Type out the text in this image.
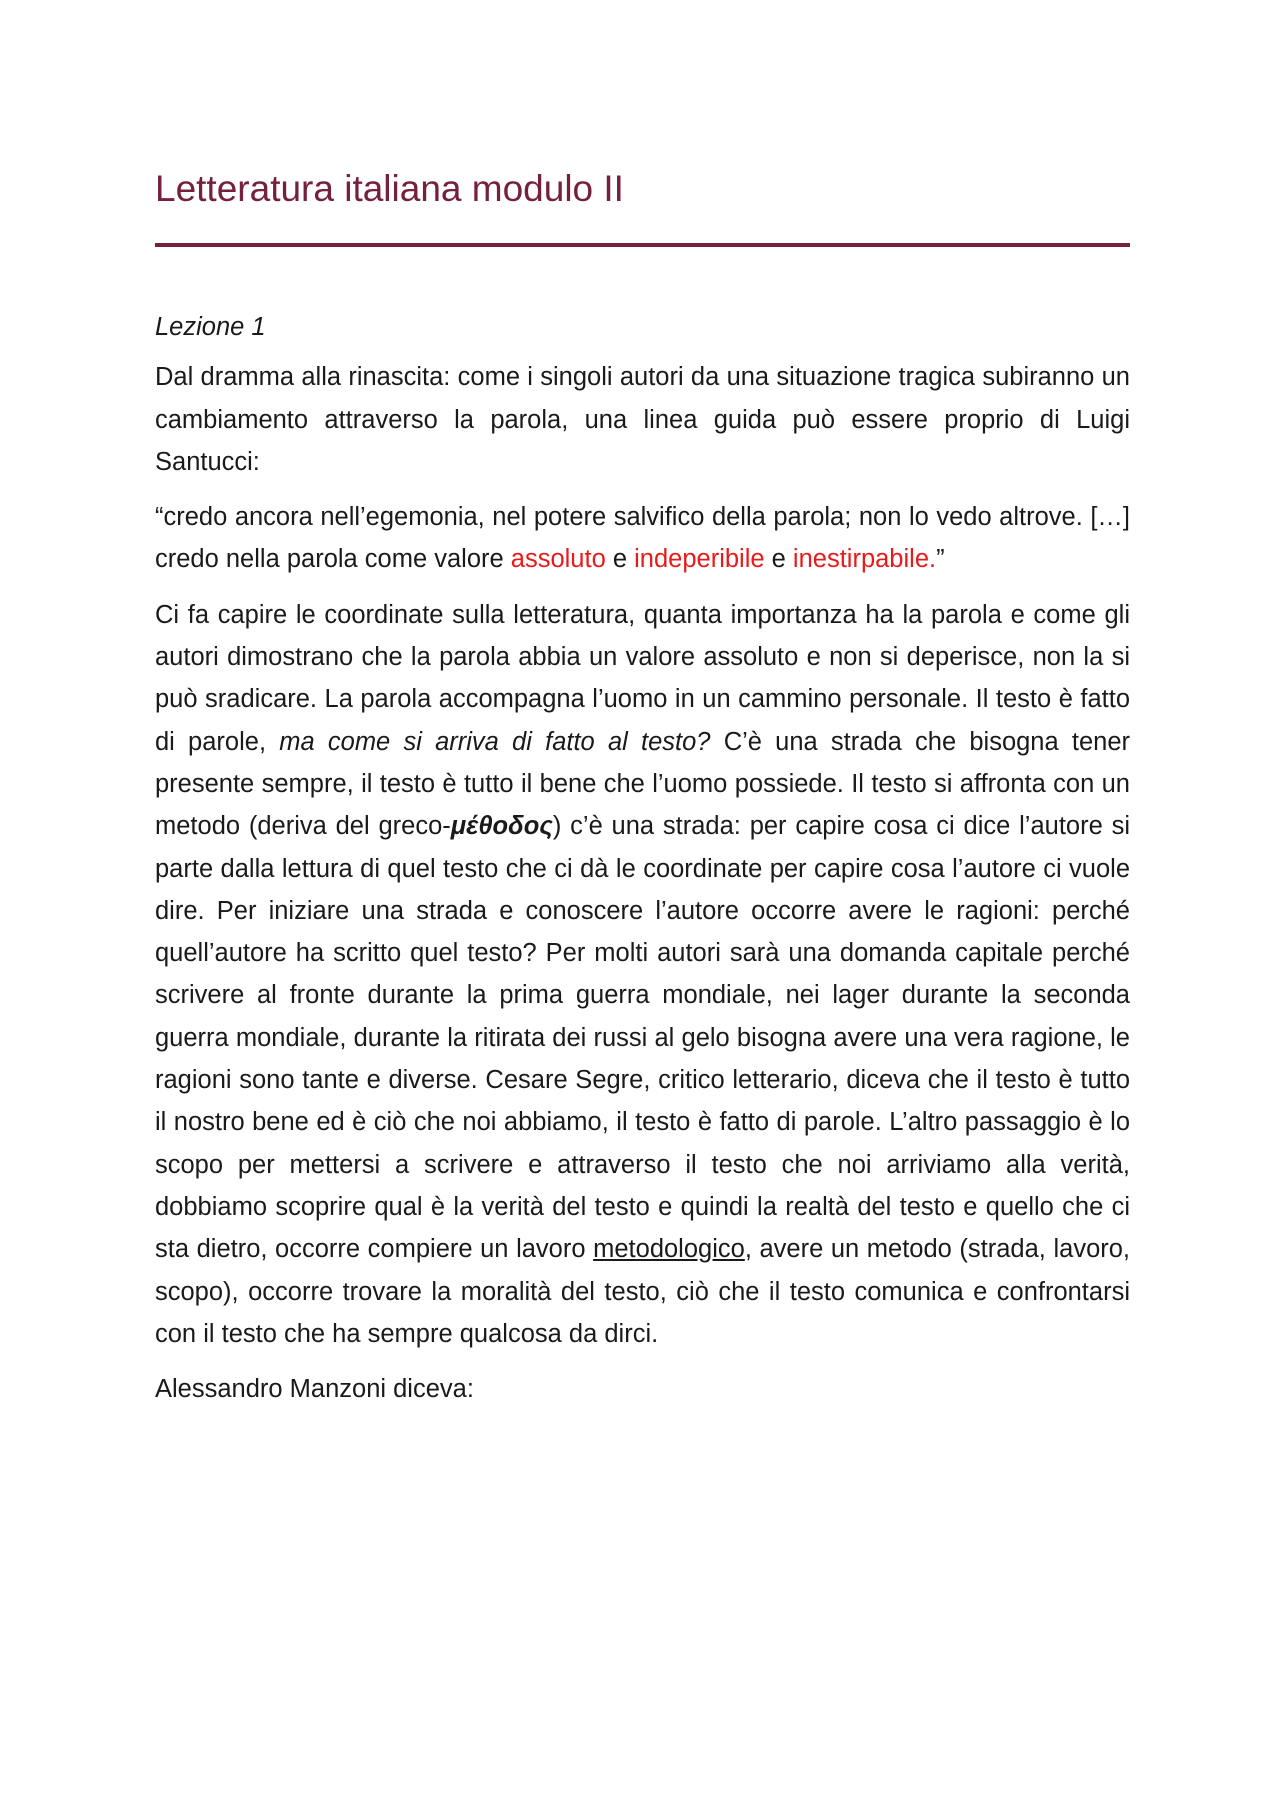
Letteratura italiana modulo II

Lezione 1

Dal dramma alla rinascita: come i singoli autori da una situazione tragica subiranno un cambiamento attraverso la parola, una linea guida può essere proprio di Luigi Santucci:

“credo ancora nell’egemonia, nel potere salvifico della parola; non lo vedo altrove. […] credo nella parola come valore assoluto e indeperibile e inestirpabile.”

Ci fa capire le coordinate sulla letteratura, quanta importanza ha la parola e come gli autori dimostrano che la parola abbia un valore assoluto e non si deperisce, non la si può sradicare. La parola accompagna l’uomo in un cammino personale. Il testo è fatto di parole, ma come si arriva di fatto al testo? C’è una strada che bisogna tener presente sempre, il testo è tutto il bene che l’uomo possiede. Il testo si affronta con un metodo (deriva del greco-μέθοδος) c’è una strada: per capire cosa ci dice l’autore si parte dalla lettura di quel testo che ci dà le coordinate per capire cosa l’autore ci vuole dire. Per iniziare una strada e conoscere l’autore occorre avere le ragioni: perché quell’autore ha scritto quel testo? Per molti autori sarà una domanda capitale perché scrivere al fronte durante la prima guerra mondiale, nei lager durante la seconda guerra mondiale, durante la ritirata dei russi al gelo bisogna avere una vera ragione, le ragioni sono tante e diverse. Cesare Segre, critico letterario, diceva che il testo è tutto il nostro bene ed è ciò che noi abbiamo, il testo è fatto di parole. L’altro passaggio è lo scopo per mettersi a scrivere e attraverso il testo che noi arriviamo alla verità, dobbiamo scoprire qual è la verità del testo e quindi la realtà del testo e quello che ci sta dietro, occorre compiere un lavoro metodologico, avere un metodo (strada, lavoro, scopo), occorre trovare la moralità del testo, ciò che il testo comunica e confrontarsi con il testo che ha sempre qualcosa da dirci.

Alessandro Manzoni diceva:
